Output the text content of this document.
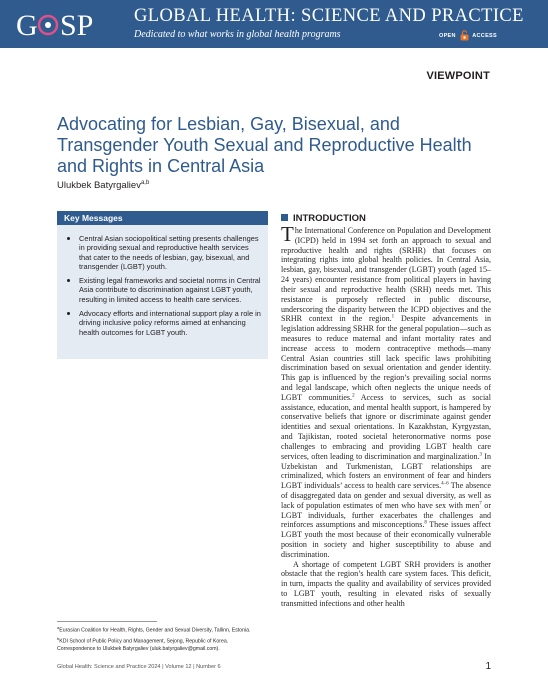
G SP GLOBAL HEALTH: SCIENCE AND PRACTICE
Dedicated to what works in global health programs	OPEN	ACCESS
VIEWPOINT
Advocating for Lesbian, Gay, Bisexual, and Transgender Youth Sexual and Reproductive Health and Rights in Central Asia
Ulukbek Batyrgaliev$^{a,b}$
Key Messages
Central Asian sociopolitical setting presents challenges in providing sexual and reproductive health services that cater to the needs of lesbian, gay, bisexual, and transgender (LGBT) youth.
Existing legal frameworks and societal norms in Central Asia contribute to discrimination against LGBT youth, resulting in limited access to health care services.
Advocacy efforts and international support play a role in driving inclusive policy reforms aimed at enhancing health outcomes for LGBT youth.
INTRODUCTION

The International Conference on Population and Development (ICPD) held in 1994 set forth an approach to sexual and reproductive health and rights (SRHR) that focuses on integrating rights into global health policies. In Central Asia, lesbian, gay, bisexual, and transgender (LGBT) youth (aged 15–24 years) encounter resistance from political players in having their sexual and reproductive health (SRH) needs met. This resistance is purposely reflected in public discourse, underscoring the disparity between the ICPD objectives and the SRHR context in the region.$^1$ Despite advancements in legislation addressing SRHR for the general population—such as measures to reduce maternal and infant mortality rates and increase access to modern contraceptive methods—many Central Asian countries still lack specific laws prohibiting discrimination based on sexual orientation and gender identity. This gap is influenced by the region’s prevailing social norms and legal landscape, which often neglects the unique needs of LGBT communities.$^2$ Access to services, such as social assistance, education, and mental health support, is hampered by conservative beliefs that ignore or discriminate against gender identities and sexual orientations. In Kazakhstan, Kyrgyzstan, and Tajikistan, rooted societal heteronormative norms pose challenges to embracing and providing LGBT health care services, often leading to discrimination and marginalization.$^3$ In Uzbekistan and Turkmenistan, LGBT relationships are criminalized, which fosters an environment of fear and hinders LGBT individuals’ access to health care services.$^{4-6}$ The absence of disaggregated data on gender and sexual diversity, as well as lack of population estimates of men who have sex with men$^7$ or LGBT individuals, further exacerbates the challenges and reinforces assumptions and misconceptions.$^8$ These issues affect LGBT youth the most because of their economically vulnerable position in society and higher susceptibility to abuse and discrimination.

A shortage of competent LGBT SRH providers is another obstacle that the region’s health care system faces. This deficit, in turn, impacts the quality and availability of services provided to LGBT youth, resulting in elevated risks of sexually transmitted infections and other health

$^a$Eurasian Coalition for Health, Rights, Gender and Sexual Diversity, Tallinn, Estonia.
$^b$KDI School of Public Policy and Management, Sejong, Republic of Korea.
Correspondence to Ulukbek Batyrgaliev (uluk.batyrgaliev@gmail.com).
Global Health: Science and Practice 2024 | Volume 12 | Number 6	1
